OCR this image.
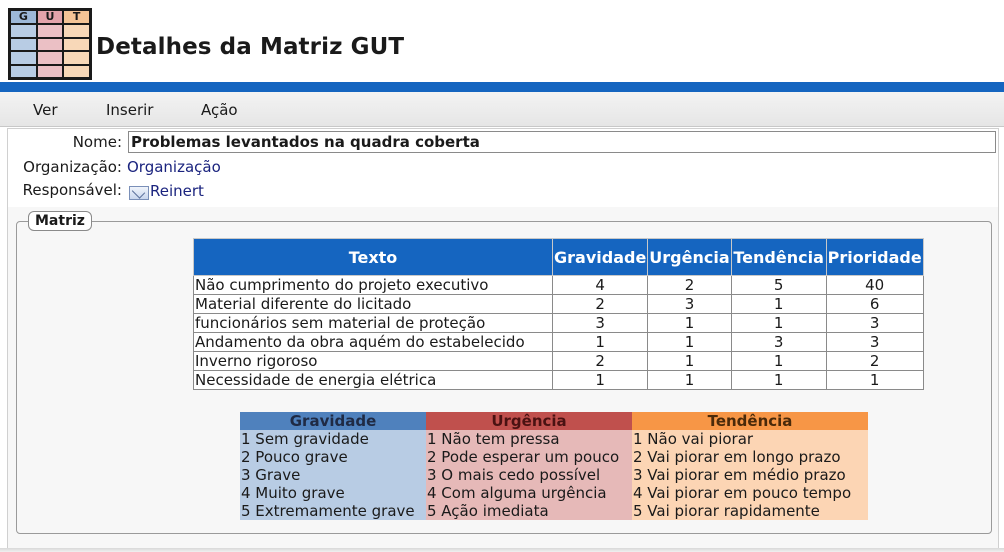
G	U	T
Detalhes da Matriz GUT
Ver	Inserir	Ação
Nome: Problemas levantados na quadra coberta
Organização: Organização
Responsável: Reinert
Matriz
Texto	Gravidade	Urgência	Tendência	Prioridade
Não cumprimento do projeto executivo	4	2	5	40
Material diferente do licitado	2	3	1	6
funcionários sem material de proteção	3	1	1	3
Andamento da obra aquém do estabelecido	1	1	3	3
Inverno rigoroso	2	1	1	2
Necessidade de energia elétrica	1	1	1	1
Gravidade	Urgência	Tendência
1 Sem gravidade	1 Não tem pressa	1 Não vai piorar
2 Pouco grave	2 Pode esperar um pouco	2 Vai piorar em longo prazo
3 Grave	3 O mais cedo possível	3 Vai piorar em médio prazo
4 Muito grave	4 Com alguma urgência	4 Vai piorar em pouco tempo
5 Extremamente grave	5 Ação imediata	5 Vai piorar rapidamente
